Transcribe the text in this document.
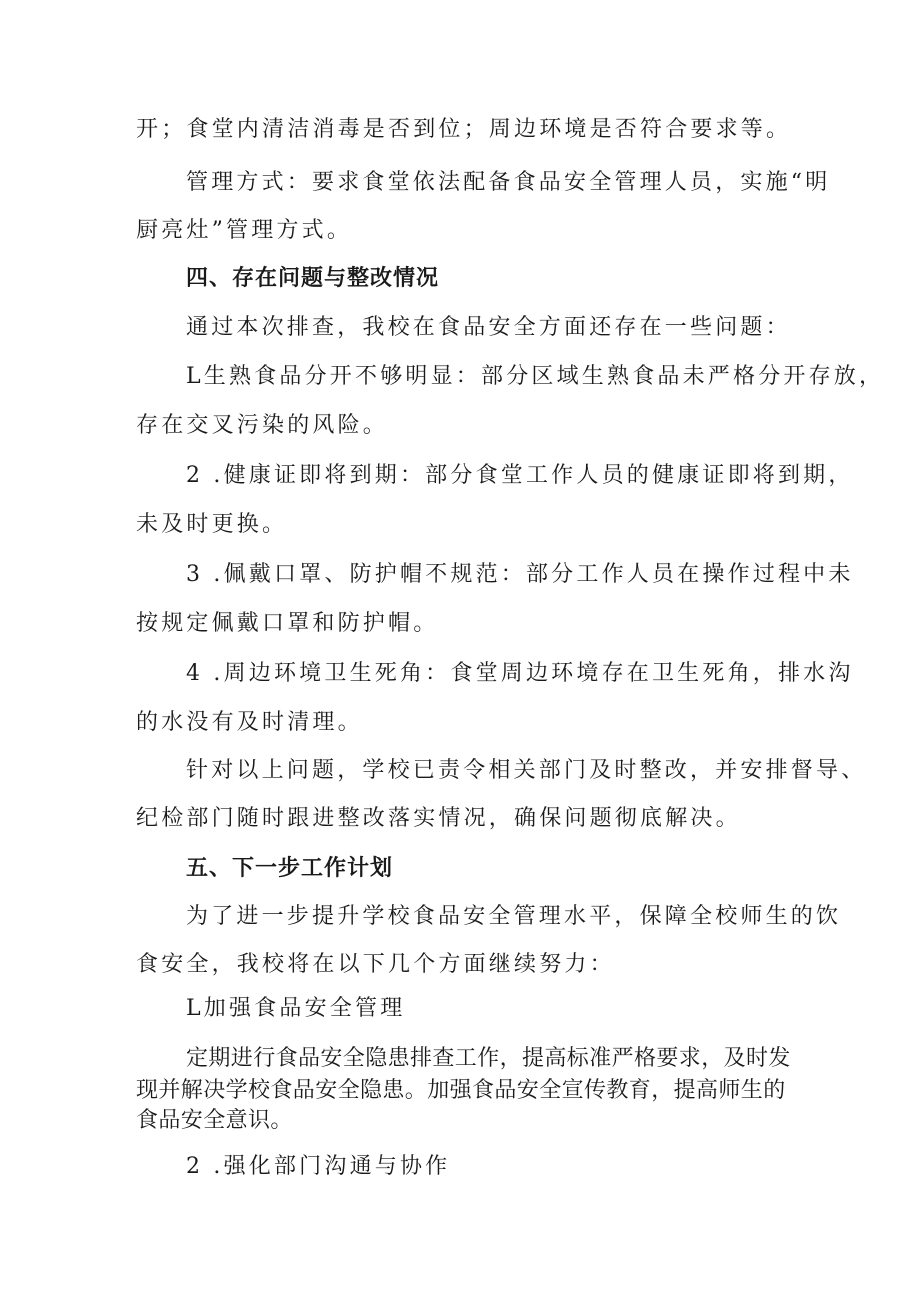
开；食堂内清洁消毒是否到位；周边环境是否符合要求等。
管理方式：要求食堂依法配备食品安全管理人员，实施“明
厨亮灶”管理方式。
四、存在问题与整改情况
通过本次排查，我校在食品安全方面还存在一些问题：
L生熟食品分开不够明显：部分区域生熟食品未严格分开存放，
存在交叉污染的风险。
2 .健康证即将到期：部分食堂工作人员的健康证即将到期，
未及时更换。
3 .佩戴口罩、防护帽不规范：部分工作人员在操作过程中未
按规定佩戴口罩和防护帽。
4 .周边环境卫生死角：食堂周边环境存在卫生死角，排水沟
的水没有及时清理。
针对以上问题，学校已责令相关部门及时整改，并安排督导、
纪检部门随时跟进整改落实情况，确保问题彻底解决。
五、下一步工作计划
为了进一步提升学校食品安全管理水平，保障全校师生的饮
食安全，我校将在以下几个方面继续努力：
L加强食品安全管理
定期进行食品安全隐患排查工作，提高标准严格要求，及时发
现并解决学校食品安全隐患。加强食品安全宣传教育，提高师生的
食品安全意识。
2 .强化部门沟通与协作
